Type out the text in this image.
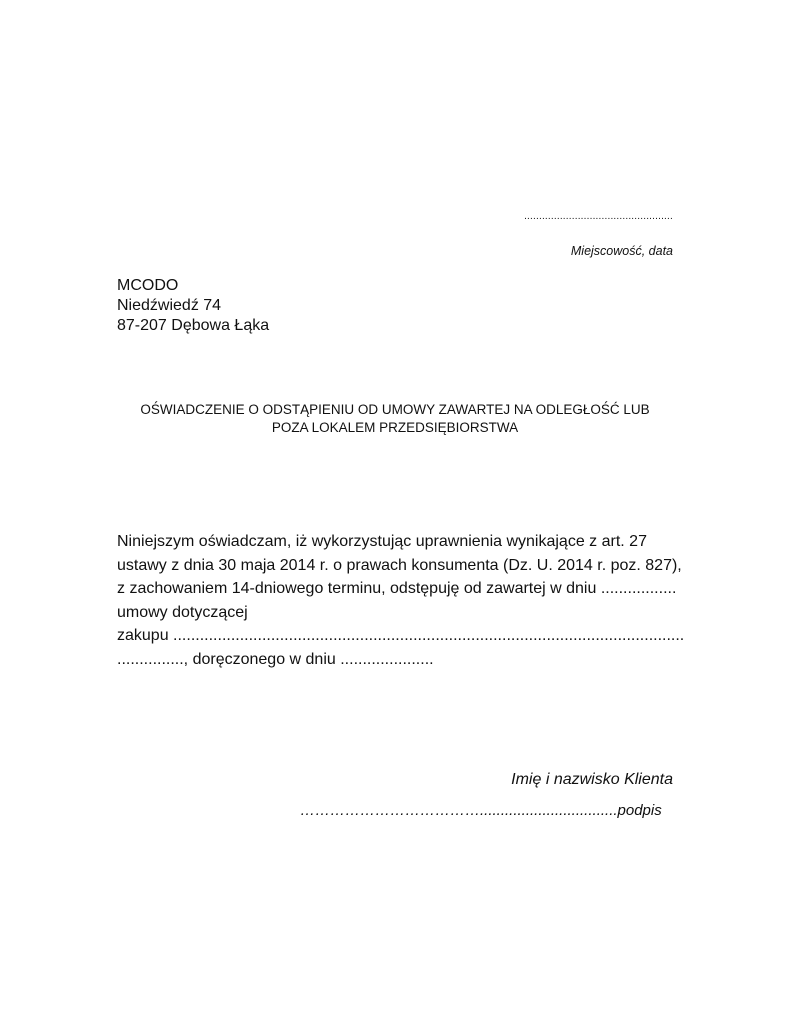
..................................................
Miejscowość, data
MCODO
Niedźwiedź 74
87-207 Dębowa Łąka
OŚWIADCZENIE O ODSTĄPIENIU OD UMOWY ZAWARTEJ NA ODLEGŁOŚĆ LUB
POZA LOKALEM PRZEDSIĘBIORSTWA
Niniejszym oświadczam, iż wykorzystując uprawnienia wynikające z art. 27
ustawy z dnia 30 maja 2014 r. o prawach konsumenta (Dz. U. 2014 r. poz. 827),
z zachowaniem 14-dniowego terminu, odstępuję od zawartej w dniu .................
umowy dotyczącej
zakupu ...................................................................................................................
..............., doręczonego w dniu .....................
Imię i nazwisko Klienta
……………………………….................................podpis
